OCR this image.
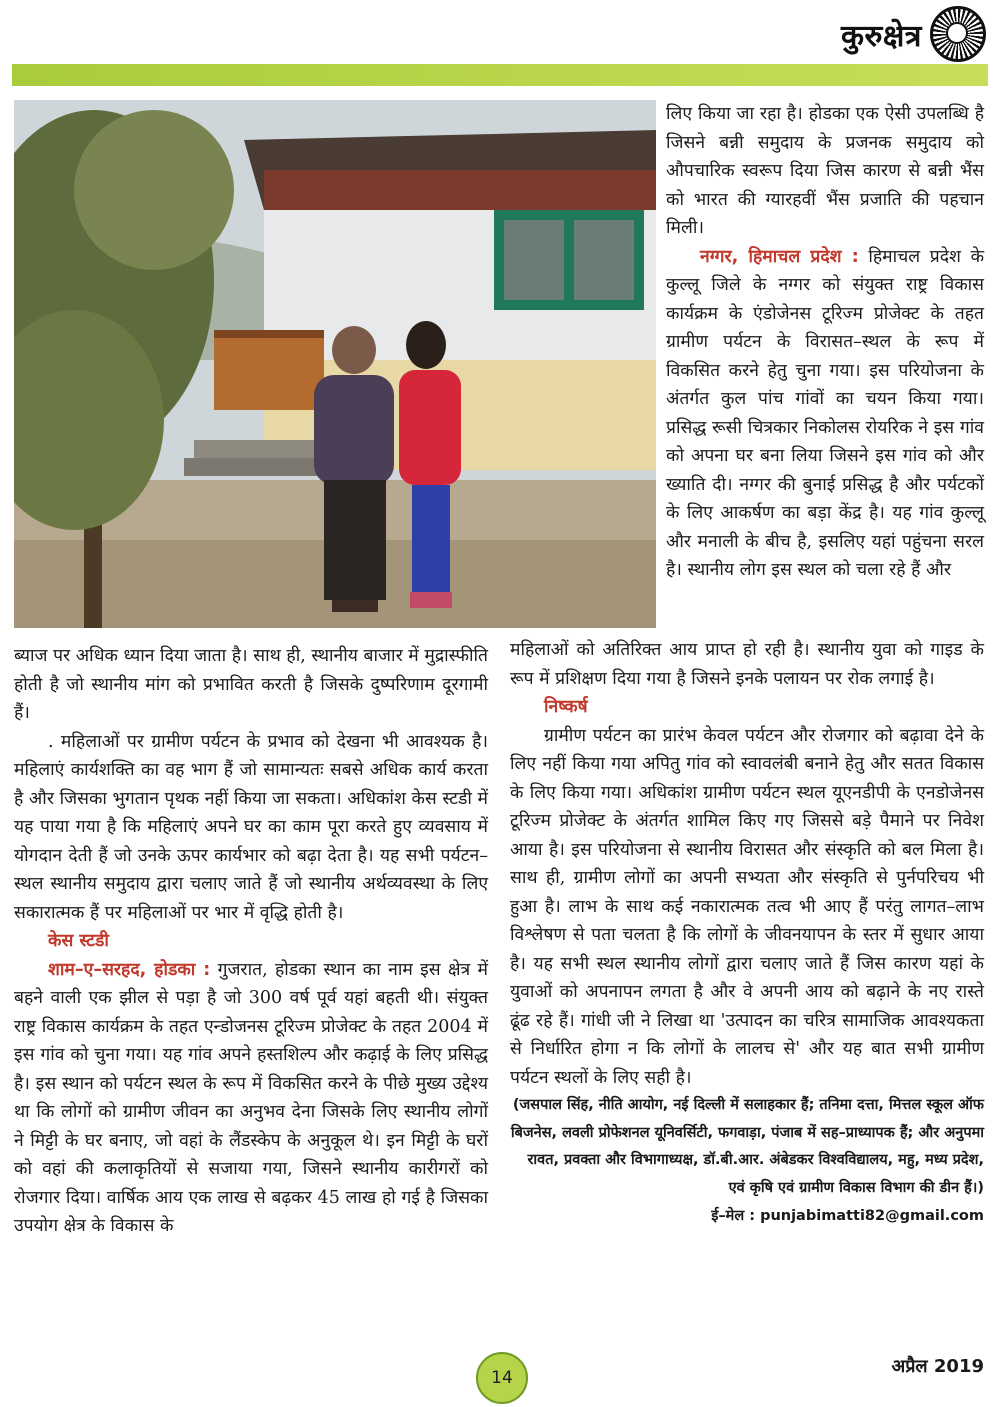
कुरुक्षेत्र

लिए किया जा रहा है। होडका एक ऐसी उपलब्धि है जिसने बन्नी समुदाय के प्रजनक समुदाय को औपचारिक स्वरूप दिया जिस कारण से बन्नी भैंस को भारत की ग्यारहवीं भैंस प्रजाति की पहचान मिली।

नग्गर, हिमाचल प्रदेश : हिमाचल प्रदेश के कुल्लू जिले के नग्गर को संयुक्त राष्ट्र विकास कार्यक्रम के एंडोजेनस टूरिज्म प्रोजेक्ट के तहत ग्रामीण पर्यटन के विरासत–स्थल के रूप में विकसित करने हेतु चुना गया। इस परियोजना के अंतर्गत कुल पांच गांवों का चयन किया गया। प्रसिद्ध रूसी चित्रकार निकोलस रोयरिक ने इस गांव को अपना घर बना लिया जिसने इस गांव को और ख्याति दी। नग्गर की बुनाई प्रसिद्ध है और पर्यटकों के लिए आकर्षण का बड़ा केंद्र है। यह गांव कुल्लू और मनाली के बीच है, इसलिए यहां पहुंचना सरल है। स्थानीय लोग इस स्थल को चला रहे हैं और

ब्याज पर अधिक ध्यान दिया जाता है। साथ ही, स्थानीय बाजार में मुद्रास्फीति होती है जो स्थानीय मांग को प्रभावित करती है जिसके दुष्परिणाम दूरगामी हैं।

. महिलाओं पर ग्रामीण पर्यटन के प्रभाव को देखना भी आवश्यक है। महिलाएं कार्यशक्ति का वह भाग हैं जो सामान्यतः सबसे अधिक कार्य करता है और जिसका भुगतान पृथक नहीं किया जा सकता। अधिकांश केस स्टडी में यह पाया गया है कि महिलाएं अपने घर का काम पूरा करते हुए व्यवसाय में योगदान देती हैं जो उनके ऊपर कार्यभार को बढ़ा देता है। यह सभी पर्यटन–स्थल स्थानीय समुदाय द्वारा चलाए जाते हैं जो स्थानीय अर्थव्यवस्था के लिए सकारात्मक हैं पर महिलाओं पर भार में वृद्धि होती है।

केस स्टडी

शाम–ए–सरहद, होडका : गुजरात, होडका स्थान का नाम इस क्षेत्र में बहने वाली एक झील से पड़ा है जो 300 वर्ष पूर्व यहां बहती थी। संयुक्त राष्ट्र विकास कार्यक्रम के तहत एन्डोजनस टूरिज्म प्रोजेक्ट के तहत 2004 में इस गांव को चुना गया। यह गांव अपने हस्तशिल्प और कढ़ाई के लिए प्रसिद्ध है। इस स्थान को पर्यटन स्थल के रूप में विकसित करने के पीछे मुख्य उद्देश्य था कि लोगों को ग्रामीण जीवन का अनुभव देना जिसके लिए स्थानीय लोगों ने मिट्टी के घर बनाए, जो वहां के लैंडस्केप के अनुकूल थे। इन मिट्टी के घरों को वहां की कलाकृतियों से सजाया गया, जिसने स्थानीय कारीगरों को रोजगार दिया। वार्षिक आय एक लाख से बढ़कर 45 लाख हो गई है जिसका उपयोग क्षेत्र के विकास के

महिलाओं को अतिरिक्त आय प्राप्त हो रही है। स्थानीय युवा को गाइड के रूप में प्रशिक्षण दिया गया है जिसने इनके पलायन पर रोक लगाई है।

निष्कर्ष

ग्रामीण पर्यटन का प्रारंभ केवल पर्यटन और रोजगार को बढ़ावा देने के लिए नहीं किया गया अपितु गांव को स्वावलंबी बनाने हेतु और सतत विकास के लिए किया गया। अधिकांश ग्रामीण पर्यटन स्थल यूएनडीपी के एनडोजेनस टूरिज्म प्रोजेक्ट के अंतर्गत शामिल किए गए जिससे बड़े पैमाने पर निवेश आया है। इस परियोजना से स्थानीय विरासत और संस्कृति को बल मिला है। साथ ही, ग्रामीण लोगों का अपनी सभ्यता और संस्कृति से पुर्नपरिचय भी हुआ है। लाभ के साथ कई नकारात्मक तत्व भी आए हैं परंतु लागत–लाभ विश्लेषण से पता चलता है कि लोगों के जीवनयापन के स्तर में सुधार आया है। यह सभी स्थल स्थानीय लोगों द्वारा चलाए जाते हैं जिस कारण यहां के युवाओं को अपनापन लगता है और वे अपनी आय को बढ़ाने के नए रास्ते ढूंढ रहे हैं। गांधी जी ने लिखा था 'उत्पादन का चरित्र सामाजिक आवश्यकता से निर्धारित होगा न कि लोगों के लालच से' और यह बात सभी ग्रामीण पर्यटन स्थलों के लिए सही है।

(जसपाल सिंह, नीति आयोग, नई दिल्ली में सलाहकार हैं; तनिमा दत्ता, मित्तल स्कूल ऑफ बिजनेस, लवली प्रोफेशनल यूनिवर्सिटी, फगवाड़ा, पंजाब में सह–प्राध्यापक हैं; और अनुपमा रावत, प्रवक्ता और विभागाध्यक्ष, डॉ.बी.आर. अंबेडकर विश्वविद्यालय, महु, मध्य प्रदेश, एवं कृषि एवं ग्रामीण विकास विभाग की डीन हैं।)

ई–मेल : punjabimatti82@gmail.com

14
अप्रैल 2019
